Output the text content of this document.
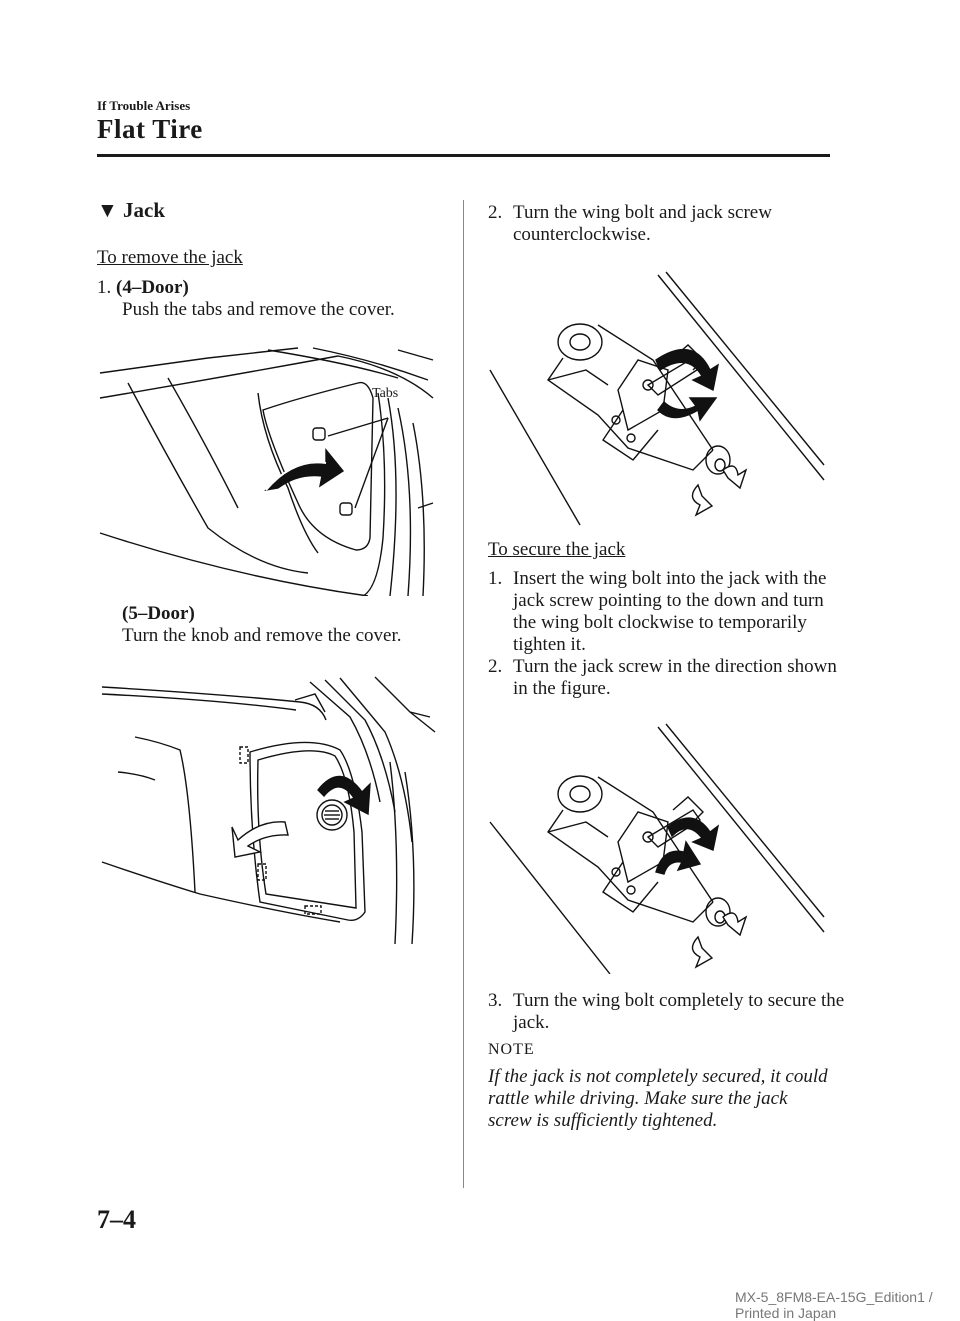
If Trouble Arises
Flat Tire
▼ Jack
To remove the jack
1. (4–Door)
Push the tabs and remove the cover.
Tabs
(5–Door)
Turn the knob and remove the cover.
2. Turn the wing bolt and jack screw counterclockwise.
To secure the jack
1. Insert the wing bolt into the jack with the jack screw pointing to the down and turn the wing bolt clockwise to temporarily tighten it.
2. Turn the jack screw in the direction shown in the figure.
3. Turn the wing bolt completely to secure the jack.
NOTE
If the jack is not completely secured, it could rattle while driving. Make sure the jack screw is sufficiently tightened.
7–4
MX-5_8FM8-EA-15G_Edition1 / Printed in Japan
